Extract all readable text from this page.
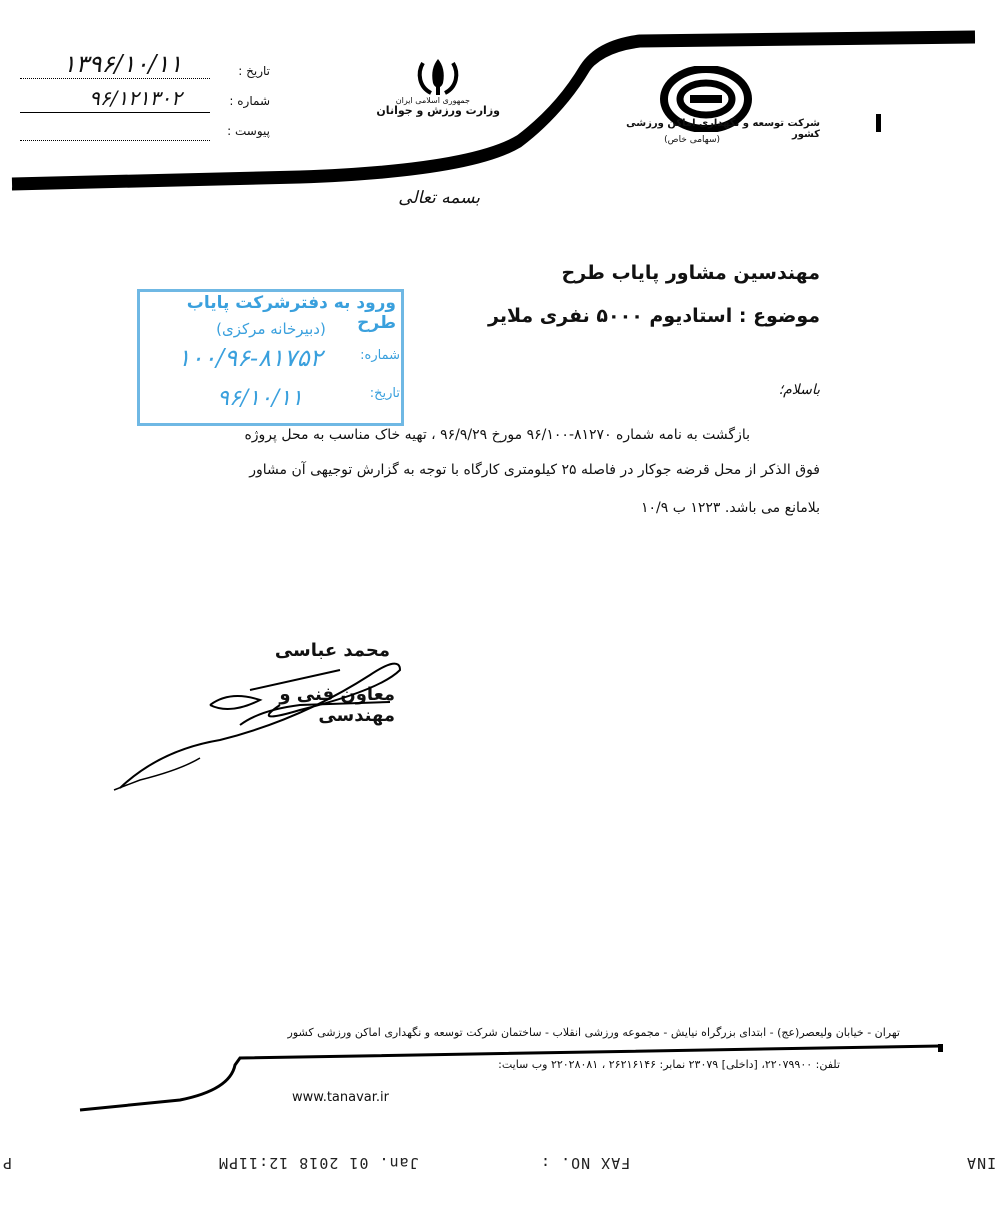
جمهوری اسلامی ایران
وزارت ورزش و جوانان
شرکت توسعه و نگهداری اماکن ورزشی کشور
(سهامی خاص)
تاریخ :
۱۳۹۶/۱۰/۱۱
شماره :
۹۶/۱۲۱۳۰۲
پیوست :
بسمه تعالی
مهندسین مشاور پایاب طرح
موضوع : استادیوم ۵۰۰۰ نفری ملایر
ورود به دفترشرکت پایاب طرح
(دبیرخانه مرکزی)
شماره:
۱۰۰/۹۶-۸۱۷۵۲
تاریخ:
۹۶/۱۰/۱۱	باسلام؛
بازگشت به نامه شماره ۸۱۲۷۰-۹۶/۱۰۰ مورخ ۹۶/۹/۲۹ ، تهیه خاک مناسب به محل پروژه
فوق الذکر از محل قرضه جوکار در فاصله ۲۵ کیلومتری کارگاه با توجه به گزارش توجیهی آن مشاور
بلامانع می باشد. ۱۲۲۳ ب ۱۰/۹
محمد عباسی
معاون فنی و مهندسی
تهران - خیابان ولیعصر(عج) - ابتدای بزرگراه نیایش - مجموعه ورزشی انقلاب - ساختمان شرکت توسعه و نگهداری اماکن ورزشی کشور
تلفن: ۲۲۰۷۹۹۰۰، [داخلی] ۲۳۰۷۹ نمابر: ۲۶۲۱۶۱۴۶ ، ۲۲۰۲۸۰۸۱ وب سایت:
www.tanavar.ir
Jan. 01 2018 12:11PM	FAX NO. :	INA
P
